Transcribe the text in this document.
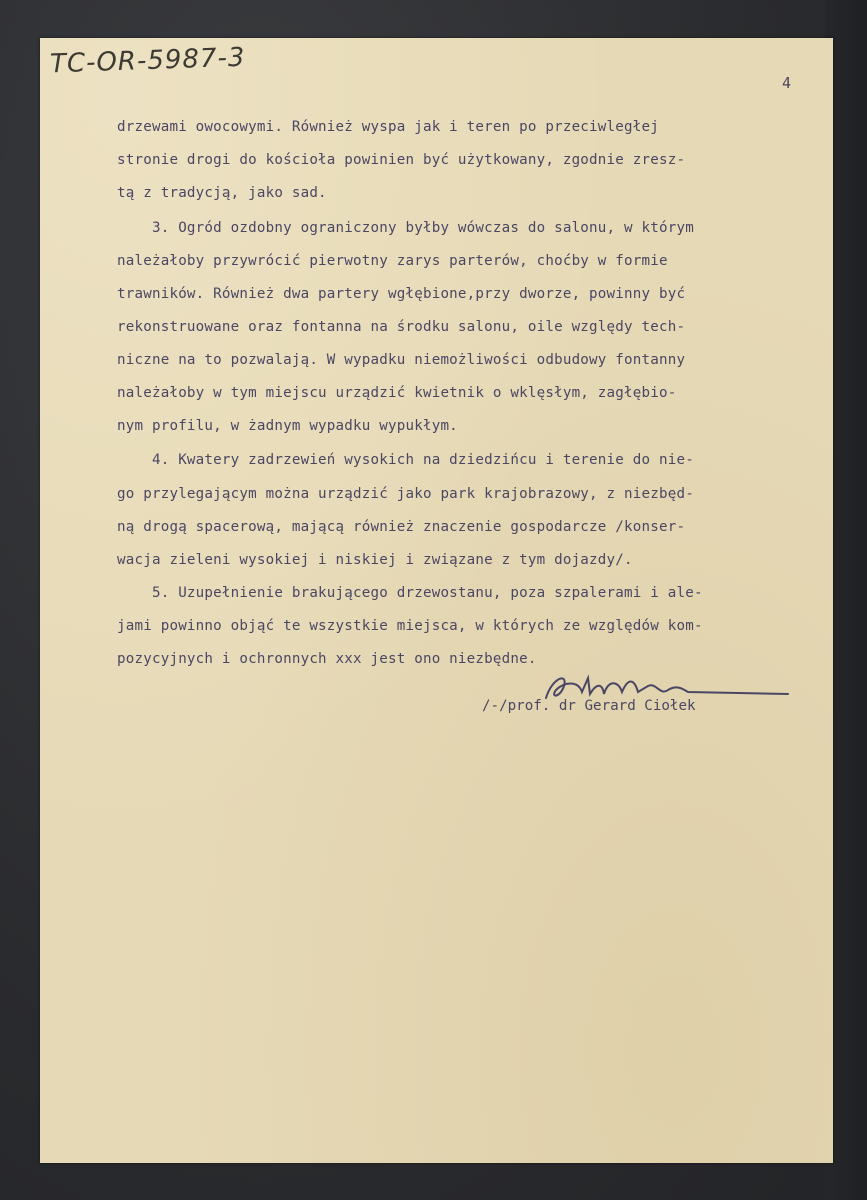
TC-OR-5987-3
4
drzewami owocowymi. Również wyspa jak i teren po przeciwległej
stronie drogi do kościoła powinien być użytkowany, zgodnie zresz-
tą z tradycją, jako sad.
3. Ogród ozdobny ograniczony byłby wówczas do salonu, w którym
należałoby przywrócić pierwotny zarys parterów, choćby w formie
trawników. Również dwa partery wgłębione,przy dworze, powinny być
rekonstruowane oraz fontanna na środku salonu, oile względy tech-
niczne na to pozwalają. W wypadku niemożliwości odbudowy fontanny
należałoby w tym miejscu urządzić kwietnik o wklęsłym, zagłębio-
nym profilu, w żadnym wypadku wypukłym.
4. Kwatery zadrzewień wysokich na dziedzińcu i terenie do nie-
go przylegającym można urządzić jako park krajobrazowy, z niezbęd-
ną drogą spacerową, mającą również znaczenie gospodarcze /konser-
wacja zieleni wysokiej i niskiej i związane z tym dojazdy/.
5. Uzupełnienie brakującego drzewostanu, poza szpalerami i ale-
jami powinno objąć te wszystkie miejsca, w których ze względów kom-
pozycyjnych i ochronnych xxx jest ono niezbędne.
/-/prof. dr Gerard Ciołek
